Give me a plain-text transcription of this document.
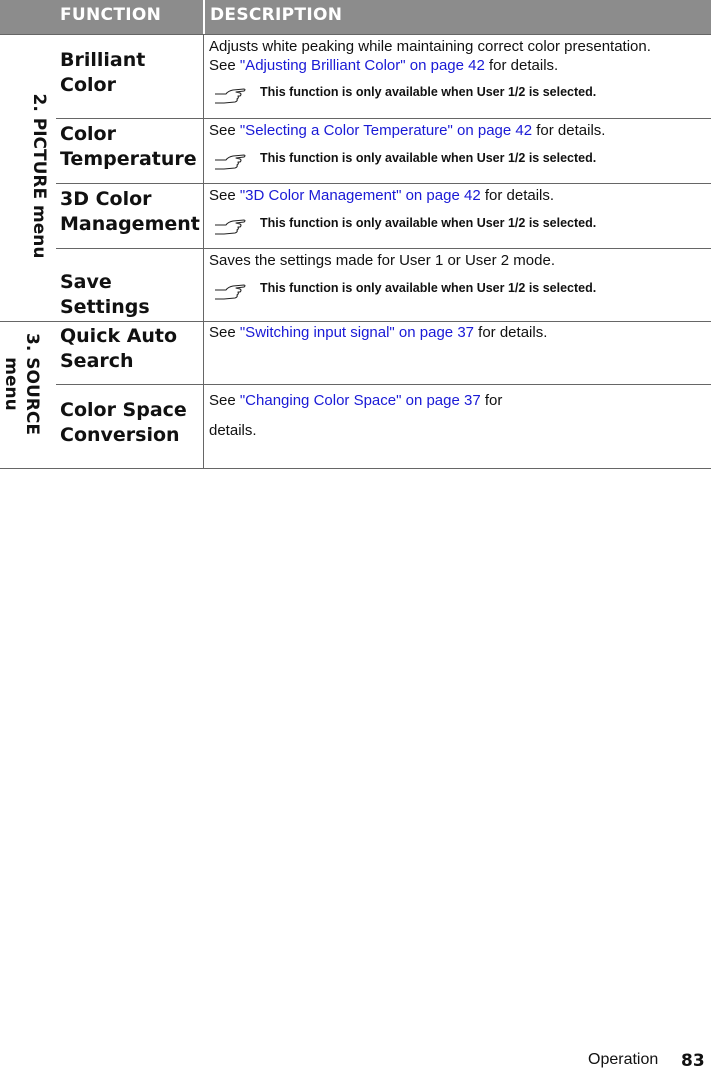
FUNCTION	DESCRIPTION
2. PICTURE menu
3. SOURCE
menu
Brilliant
Color
Adjusts white peaking while maintaining correct color presentation.
See "Adjusting Brilliant Color" on page 42 for details.
This function is only available when User 1/2 is selected.
Color
Temperature
See "Selecting a Color Temperature" on page 42 for details.
This function is only available when User 1/2 is selected.
3D Color
Management
See "3D Color Management" on page 42 for details.
This function is only available when User 1/2 is selected.
Save Settings
Saves the settings made for User 1 or User 2 mode.
This function is only available when User 1/2 is selected.
Quick Auto
Search
See "Switching input signal" on page 37 for details.
Color Space
Conversion
See "Changing Color Space" on page 37 for
details.
Operation 83
